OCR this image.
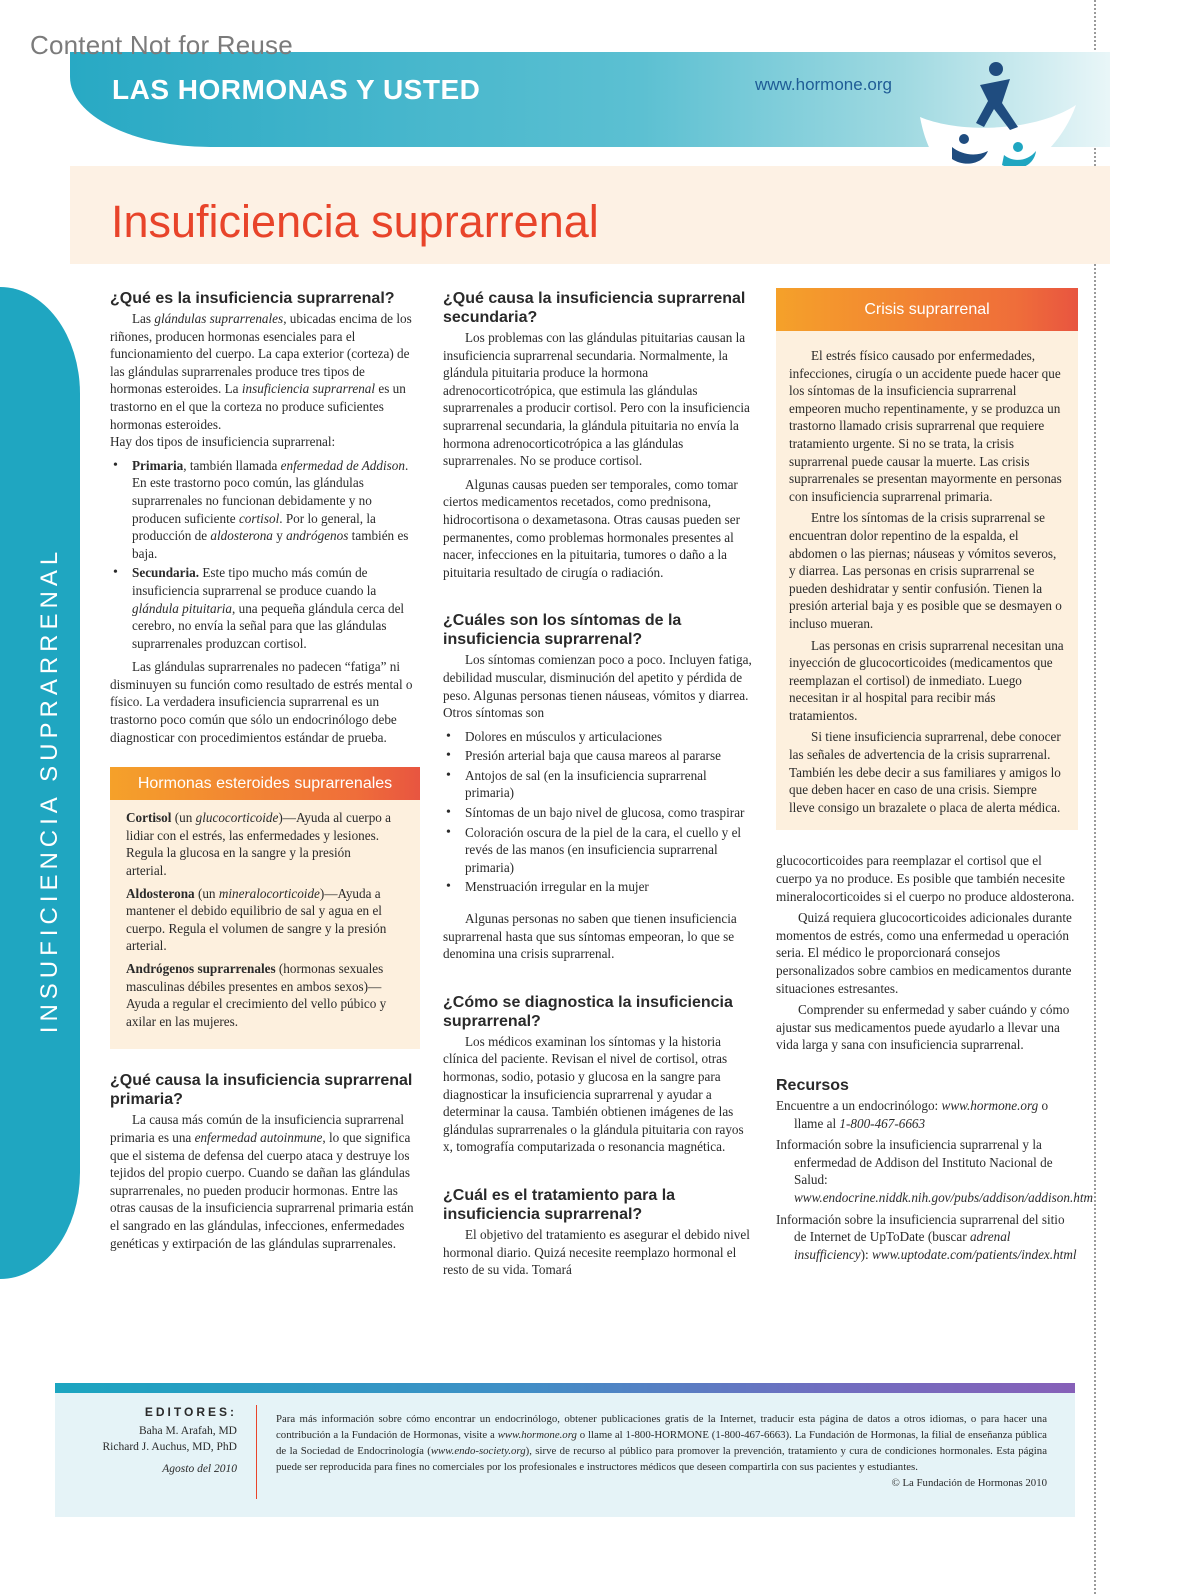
Content Not for Reuse
LAS HORMONAS Y USTED	www.hormone.org
Insuficiencia suprarrenal
INSUFICIENCIA SUPRARRENAL
¿Qué es la insuficiencia suprarrenal?

Las glándulas suprarrenales, ubicadas encima de los riñones, producen hormonas esenciales para el funcionamiento del cuerpo. La capa exterior (corteza) de las glándulas suprarrenales produce tres tipos de hormonas esteroides. La insuficiencia suprarrenal es un trastorno en el que la corteza no produce suficientes hormonas esteroides.

Hay dos tipos de insuficiencia suprarrenal:

• Primaria, también llamada enfermedad de Addison. En este trastorno poco común, las glándulas suprarrenales no funcionan debidamente y no producen suficiente cortisol. Por lo general, la producción de aldosterona y andrógenos también es baja.
• Secundaria. Este tipo mucho más común de insuficiencia suprarrenal se produce cuando la glándula pituitaria, una pequeña glándula cerca del cerebro, no envía la señal para que las glándulas suprarrenales produzcan cortisol.

Las glándulas suprarrenales no padecen “fatiga” ni disminuyen su función como resultado de estrés mental o físico. La verdadera insuficiencia suprarrenal es un trastorno poco común que sólo un endocrinólogo debe diagnosticar con procedimientos estándar de prueba.

Hormonas esteroides suprarrenales

Cortisol (un glucocorticoide)—Ayuda al cuerpo a lidiar con el estrés, las enfermedades y lesiones. Regula la glucosa en la sangre y la presión arterial.

Aldosterona (un mineralocorticoide)—Ayuda a mantener el debido equilibrio de sal y agua en el cuerpo. Regula el volumen de sangre y la presión arterial.

Andrógenos suprarrenales (hormonas sexuales masculinas débiles presentes en ambos sexos)—Ayuda a regular el crecimiento del vello púbico y axilar en las mujeres.

¿Qué causa la insuficiencia suprarrenal primaria?

La causa más común de la insuficiencia suprarrenal primaria es una enfermedad autoinmune, lo que significa que el sistema de defensa del cuerpo ataca y destruye los tejidos del propio cuerpo. Cuando se dañan las glándulas suprarrenales, no pueden producir hormonas. Entre las otras causas de la insuficiencia suprarrenal primaria están el sangrado en las glándulas, infecciones, enfermedades genéticas y extirpación de las glándulas suprarrenales.

¿Qué causa la insuficiencia suprarrenal secundaria?

Los problemas con las glándulas pituitarias causan la insuficiencia suprarrenal secundaria. Normalmente, la glándula pituitaria produce la hormona adrenocorticotrópica, que estimula las glándulas suprarrenales a producir cortisol. Pero con la insuficiencia suprarrenal secundaria, la glándula pituitaria no envía la hormona adrenocorticotrópica a las glándulas suprarrenales. No se produce cortisol.

Algunas causas pueden ser temporales, como tomar ciertos medicamentos recetados, como prednisona, hidrocortisona o dexametasona. Otras causas pueden ser permanentes, como problemas hormonales presentes al nacer, infecciones en la pituitaria, tumores o daño a la pituitaria resultado de cirugía o radiación.

¿Cuáles son los síntomas de la insuficiencia suprarrenal?

Los síntomas comienzan poco a poco. Incluyen fatiga, debilidad muscular, disminución del apetito y pérdida de peso. Algunas personas tienen náuseas, vómitos y diarrea. Otros síntomas son

• Dolores en músculos y articulaciones
• Presión arterial baja que causa mareos al pararse
• Antojos de sal (en la insuficiencia suprarrenal primaria)
• Síntomas de un bajo nivel de glucosa, como traspirar
• Coloración oscura de la piel de la cara, el cuello y el revés de las manos (en insuficiencia suprarrenal primaria)
• Menstruación irregular en la mujer

Algunas personas no saben que tienen insuficiencia suprarrenal hasta que sus síntomas empeoran, lo que se denomina una crisis suprarrenal.

¿Cómo se diagnostica la insuficiencia suprarrenal?

Los médicos examinan los síntomas y la historia clínica del paciente. Revisan el nivel de cortisol, otras hormonas, sodio, potasio y glucosa en la sangre para diagnosticar la insuficiencia suprarrenal y ayudar a determinar la causa. También obtienen imágenes de las glándulas suprarrenales o la glándula pituitaria con rayos x, tomografía computarizada o resonancia magnética.

¿Cuál es el tratamiento para la insuficiencia suprarrenal?

El objetivo del tratamiento es asegurar el debido nivel hormonal diario. Quizá necesite reemplazo hormonal el resto de su vida. Tomará

Crisis suprarrenal

El estrés físico causado por enfermedades, infecciones, cirugía o un accidente puede hacer que los síntomas de la insuficiencia suprarrenal empeoren mucho repentinamente, y se produzca un trastorno llamado crisis suprarrenal que requiere tratamiento urgente. Si no se trata, la crisis suprarrenal puede causar la muerte. Las crisis suprarrenales se presentan mayormente en personas con insuficiencia suprarrenal primaria.

Entre los síntomas de la crisis suprarrenal se encuentran dolor repentino de la espalda, el abdomen o las piernas; náuseas y vómitos severos, y diarrea. Las personas en crisis suprarrenal se pueden deshidratar y sentir confusión. Tienen la presión arterial baja y es posible que se desmayen o incluso mueran.

Las personas en crisis suprarrenal necesitan una inyección de glucocorticoides (medicamentos que reemplazan el cortisol) de inmediato. Luego necesitan ir al hospital para recibir más tratamientos.

Si tiene insuficiencia suprarrenal, debe conocer las señales de advertencia de la crisis suprarrenal. También les debe decir a sus familiares y amigos lo que deben hacer en caso de una crisis. Siempre lleve consigo un brazalete o placa de alerta médica.

glucocorticoides para reemplazar el cortisol que el cuerpo ya no produce. Es posible que también necesite mineralocorticoides si el cuerpo no produce aldosterona.

Quizá requiera glucocorticoides adicionales durante momentos de estrés, como una enfermedad u operación seria. El médico le proporcionará consejos personalizados sobre cambios en medicamentos durante situaciones estresantes.

Comprender su enfermedad y saber cuándo y cómo ajustar sus medicamentos puede ayudarlo a llevar una vida larga y sana con insuficiencia suprarrenal.

Recursos
Encuentre a un endocrinólogo: www.hormone.org o llame al 1-800-467-6663
Información sobre la insuficiencia suprarrenal y la enfermedad de Addison del Instituto Nacional de Salud: www.endocrine.niddk.nih.gov/pubs/addison/addison.htm
Información sobre la insuficiencia suprarrenal del sitio de Internet de UpToDate (buscar adrenal insufficiency): www.uptodate.com/patients/index.html
EDITORES:
Baha M. Arafah, MD
Richard J. Auchus, MD, PhD
Agosto del 2010
Para más información sobre cómo encontrar un endocrinólogo, obtener publicaciones gratis de la Internet, traducir esta página de datos a otros idiomas, o para hacer una contribución a la Fundación de Hormonas, visite a www.hormone.org o llame al 1-800-HORMONE (1-800-467-6663). La Fundación de Hormonas, la filial de enseñanza pública de la Sociedad de Endocrinología (www.endo-society.org), sirve de recurso al público para promover la prevención, tratamiento y cura de condiciones hormonales. Esta página puede ser reproducida para fines no comerciales por los profesionales e instructores médicos que deseen compartirla con sus pacientes y estudiantes.
© La Fundación de Hormonas 2010
